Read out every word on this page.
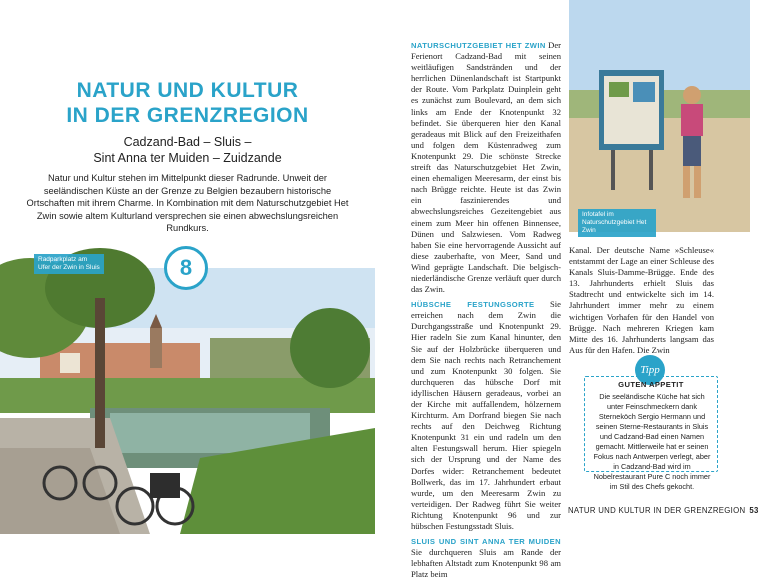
NATUR UND KULTUR
IN DER GRENZREGION
Cadzand-Bad – Sluis –
Sint Anna ter Muiden – Zuidzande
Natur und Kultur stehen im Mittelpunkt dieser Radrunde. Unweit der seeländischen Küste an der Grenze zu Belgien bezaubern historische Ortschaften mit ihrem Charme. In Kombination mit dem Naturschutzgebiet Het Zwin sowie altem Kulturland versprechen sie einen abwechslungsreichen Rundkurs.
Radparkplatz am Ufer der Zwin in Sluis	8
NATURSCHUTZGEBIET HET ZWIN Der Ferienort Cadzand-Bad mit seinen weitläufigen Sandstränden und der herrlichen Dünenlandschaft ist Startpunkt der Route. Vom Parkplatz Duinplein geht es zunächst zum Boulevard, an dem sich links am Ende der Knotenpunkt 32 befindet. Sie überqueren hier den Kanal geradeaus mit Blick auf den Freizeithafen und folgen dem Küstenradweg zum Knotenpunkt 29. Die schönste Strecke streift das Naturschutzgebiet Het Zwin, einen ehemaligen Meeresarm, der einst bis nach Brügge reichte. Heute ist das Zwin ein faszinierendes und abwechslungsreiches Gezeitengebiet aus einem zum Meer hin offenen Binnensee, Dünen und Salzwiesen. Vom Radweg haben Sie eine hervorragende Aussicht auf diese zauberhafte, von Meer, Sand und Wind geprägte Landschaft. Die belgisch-niederländische Grenze verläuft quer durch das Zwin.
HÜBSCHE FESTUNGSORTE Sie erreichen nach dem Zwin die Durchgangsstraße und Knotenpunkt 29. Hier radeln Sie zum Kanal hinunter, den Sie auf der Holzbrücke überqueren und dem Sie nach rechts nach Retranchement und zum Knotenpunkt 30 folgen. Sie durchqueren das hübsche Dorf mit idyllischen Häusern geradeaus, vorbei an der Kirche mit auffallendem, hölzernem Kirchturm. Am Dorfrand biegen Sie nach rechts auf den Deichweg Richtung Knotenpunkt 31 ein und radeln um den alten Festungswall herum. Hier spiegeln sich der Ursprung und der Name des Dorfes wider: Retranchement bedeutet Bollwerk, das im 17. Jahrhundert erbaut wurde, um den Meeresarm Zwin zu verteidigen. Der Radweg führt Sie weiter Richtung Knotenpunkt 96 und zur hübschen Festungsstadt Sluis.
SLUIS UND SINT ANNA TER MUIDEN Sie durchqueren Sluis am Rande der lebhaften Altstadt zum Knotenpunkt 98 am Platz beim
Infotafel im Naturschutzgebiet Het Zwin
Kanal. Der deutsche Name »Schleuse« entstammt der Lage an einer Schleuse des Kanals Sluis-Damme-Brügge. Ende des 13. Jahrhunderts erhielt Sluis das Stadtrecht und entwickelte sich im 14. Jahrhundert immer mehr zu einem wichtigen Vorhafen für den Handel von Brügge. Nach mehreren Kriegen kam Mitte des 16. Jahrhunderts langsam das Aus für den Hafen. Die Zwin
Tipp
GUTEN APPETIT
Die seeländische Küche hat sich unter Feinschmeckern dank Sterneköch Sergio Hermann und seinen Sterne-Restaurants in Sluis und Cadzand-Bad einen Namen gemacht. Mittlerweile hat er seinen Fokus nach Antwerpen verlegt, aber in Cadzand-Bad wird im Nobelrestaurant Pure C noch immer im Stil des Chefs gekocht.
NATUR UND KULTUR IN DER GRENZREGION 53
